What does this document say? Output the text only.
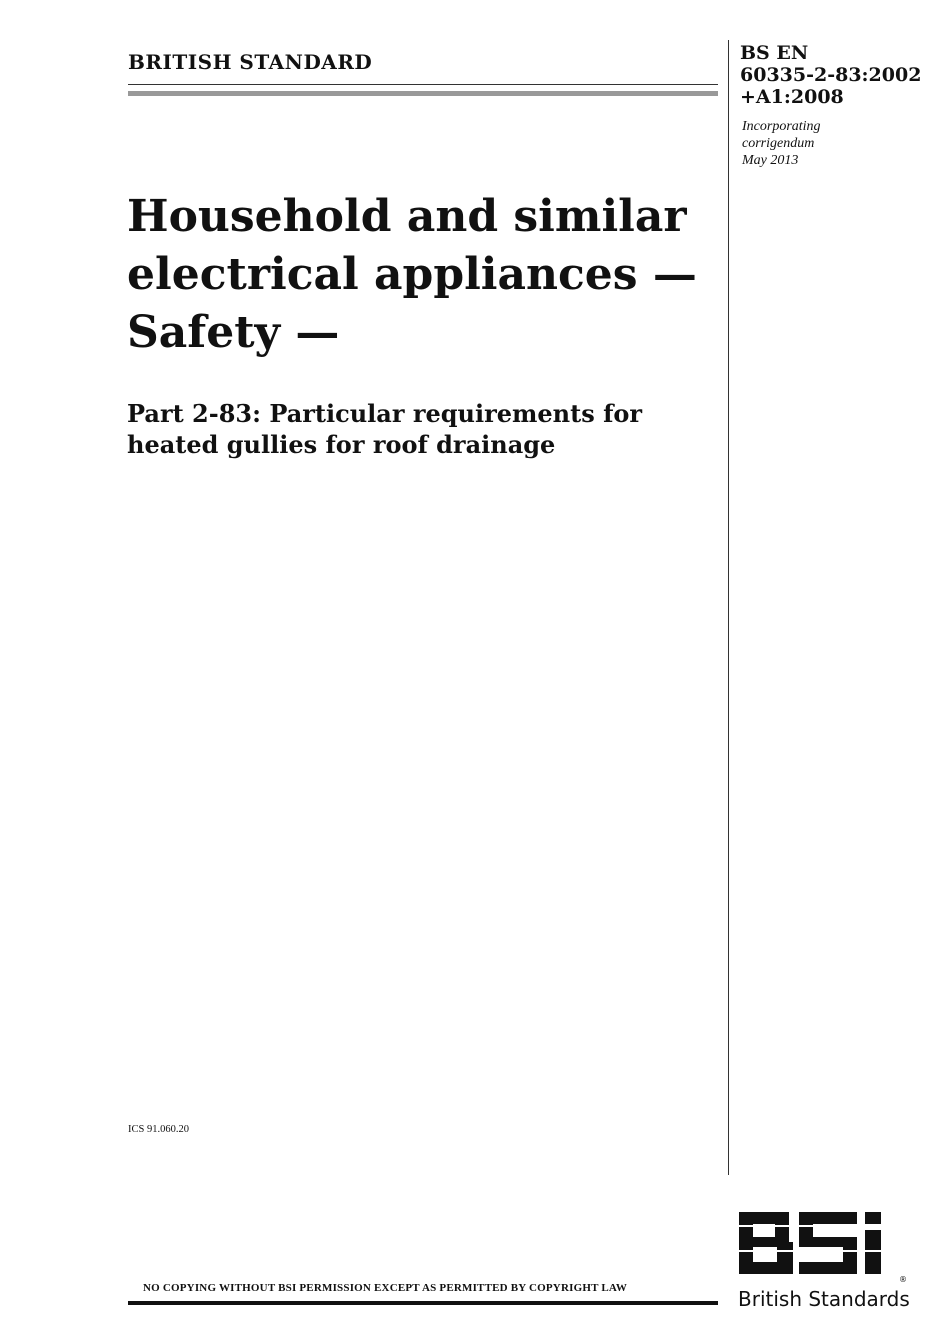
BRITISH STANDARD	BS EN
60335-2-83:2002
+A1:2008
Incorporating
corrigendum
May 2013
Household and similar
electrical appliances —
Safety —
Part 2-83: Particular requirements for
heated gullies for roof drainage
ICS 91.060.20
NO COPYING WITHOUT BSI PERMISSION EXCEPT AS PERMITTED BY COPYRIGHT LAW
®
British Standards
